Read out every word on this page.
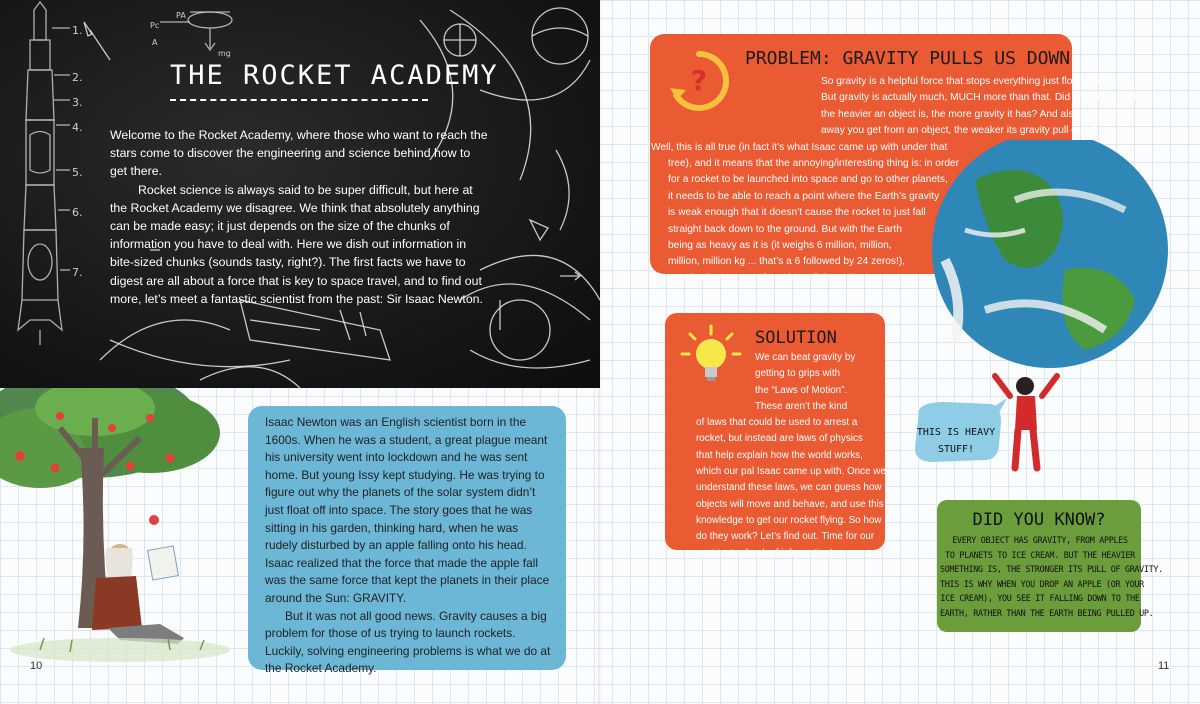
1.
2.
3.
4.
5.
6.
7.
mg
Pc
A
PA
THE ROCKET ACADEMY

Welcome to the Rocket Academy, where those who want to reach the stars come to discover the engineering and science behind how to get there.

Rocket science is always said to be super difficult, but here at the Rocket Academy we disagree. We think that absolutely anything can be made easy; it just depends on the size of the chunks of information you have to deal with. Here we dish out information in bite-sized chunks (sounds tasty, right?). The first facts we have to digest are all about a force that is key to space travel, and to find out more, let’s meet a fantastic scientist from the past: Sir Isaac Newton.

Isaac Newton was an English scientist born in the 1600s. When he was a student, a great plague meant his university went into lockdown and he was sent home. But young Issy kept studying. He was trying to figure out why the planets of the solar system didn’t just float off into space. The story goes that he was sitting in his garden, thinking hard, when he was rudely disturbed by an apple falling onto his head. Isaac realized that the force that made the apple fall was the same force that kept the planets in their place around the Sun: GRAVITY.

But it was not all good news. Gravity causes a big problem for those of us trying to launch rockets. Luckily, solving engineering problems is what we do at the Rocket Academy.

10
?
PROBLEM: GRAVITY PULLS US DOWN
So gravity is a helpful force that stops everything just floating off.
But gravity is actually much, MUCH more than that. Did you know that
the heavier an object is, the more gravity it has? And also, the further
away you get from an object, the weaker its gravity pull gets?
Well, this is all true (in fact it’s what Isaac came up with under that
tree), and it means that the annoying/interesting thing is: in order
for a rocket to be launched into space and go to other planets,
it needs to be able to reach a point where the Earth’s gravity
is weak enough that it doesn’t cause the rocket to just fall
straight back down to the ground. But with the Earth
being as heavy as it is (it weighs 6 million, million,
million, million kg ... that’s a 6 followed by 24 zeros!),
a rocket has A LOT of gravity to fight against.
SOLUTION
We can beat gravity by
getting to grips with
the “Laws of Motion”.
These aren’t the kind
of laws that could be used to arrest a
rocket, but instead are laws of physics
that help explain how the world works,
which our pal Isaac came up with. Once we
understand these laws, we can guess how
objects will move and behave, and use this
knowledge to get our rocket flying. So how
do they work? Let’s find out. Time for our
next tasty chunk of information!
THIS IS HEAVY
STUFF!
DID YOU KNOW?
EVERY OBJECT HAS GRAVITY, FROM APPLES
TO PLANETS TO ICE CREAM. BUT THE HEAVIER
SOMETHING IS, THE STRONGER ITS PULL OF GRAVITY.
THIS IS WHY WHEN YOU DROP AN APPLE (OR YOUR
ICE CREAM), YOU SEE IT FALLING DOWN TO THE
EARTH, RATHER THAN THE EARTH BEING PULLED UP.
11
